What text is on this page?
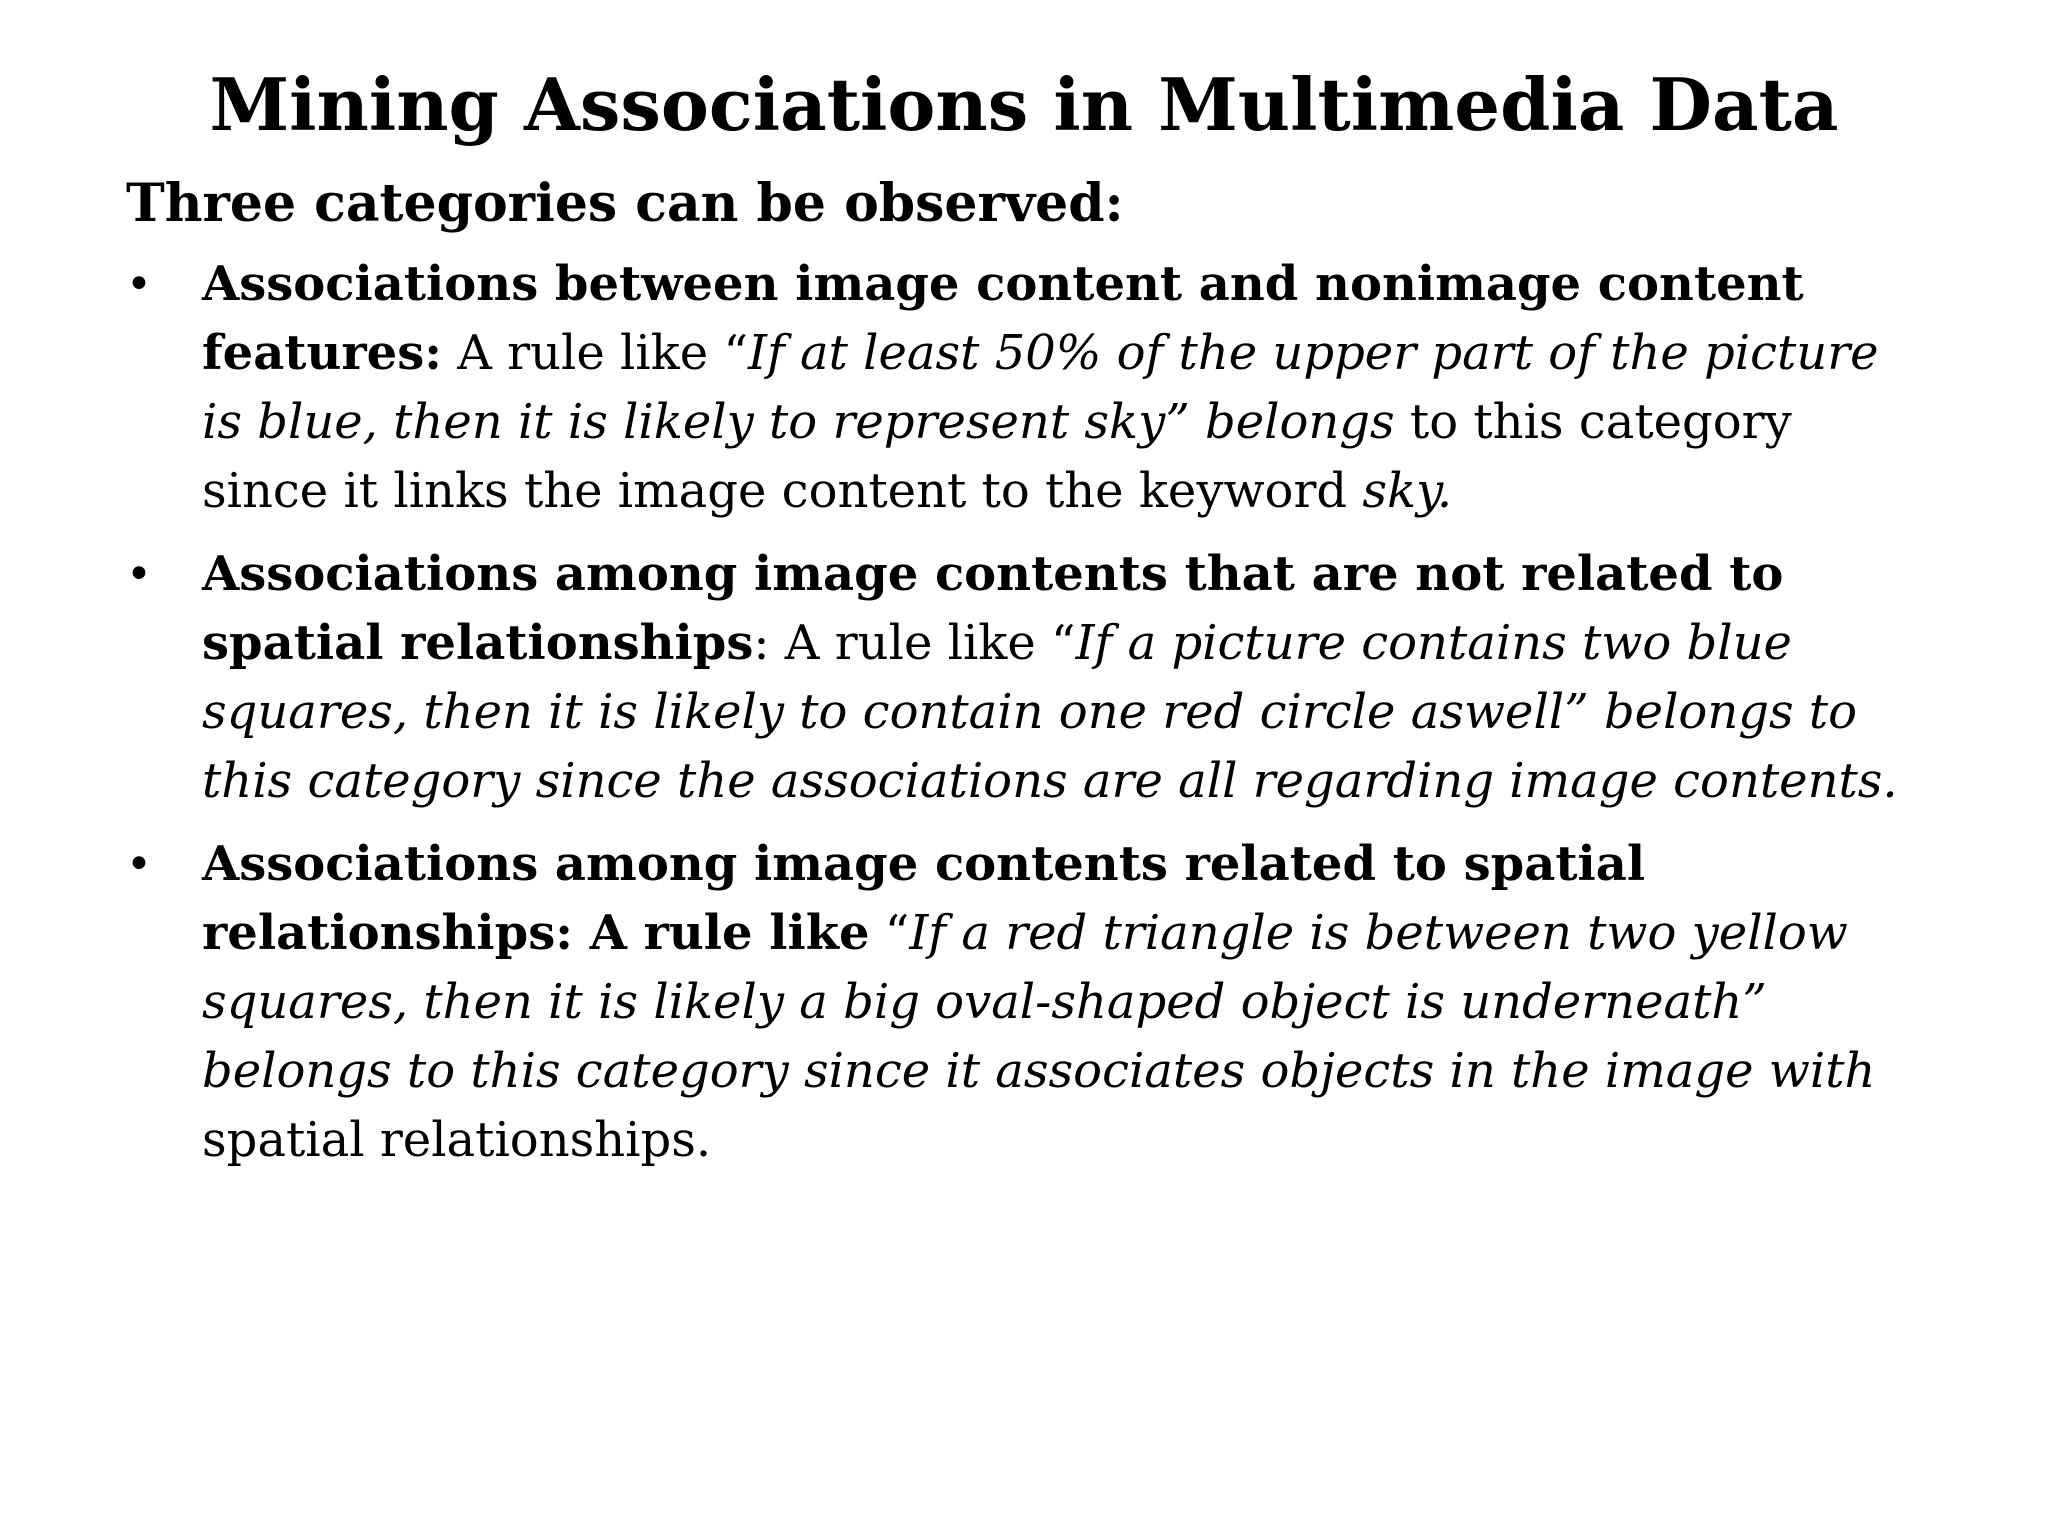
Mining Associations in Multimedia Data

Three categories can be observed:

• Associations between image content and nonimage content features: A rule like “If at least 50% of the upper part of the picture is blue, then it is likely to represent sky” belongs to this category since it links the image content to the keyword sky.
• Associations among image contents that are not related to spatial relationships: A rule like “If a picture contains two blue squares, then it is likely to contain one red circle aswell” belongs to this category since the associations are all regarding image contents.
• Associations among image contents related to spatial relationships: A rule like “If a red triangle is between two yellow squares, then it is likely a big oval-shaped object is underneath” belongs to this category since it associates objects in the image with spatial relationships.
